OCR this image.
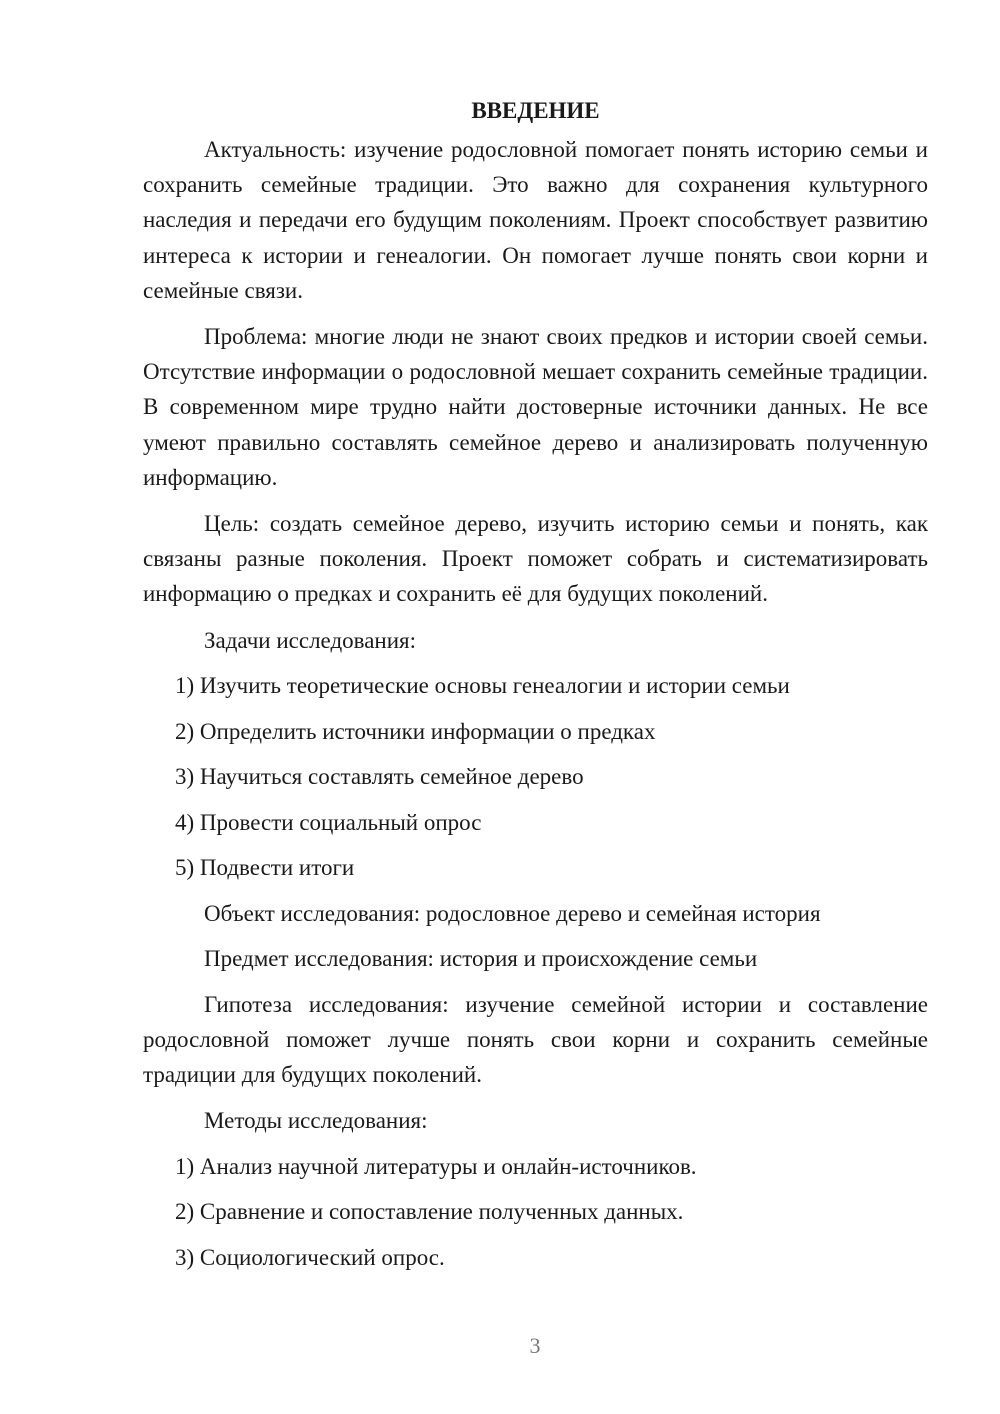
ВВЕДЕНИЕ

Актуальность: изучение родословной помогает понять историю семьи и сохранить семейные традиции. Это важно для сохранения культурного наследия и передачи его будущим поколениям. Проект способствует развитию интереса к истории и генеалогии. Он помогает лучше понять свои корни и семейные связи.

Проблема: многие люди не знают своих предков и истории своей семьи. Отсутствие информации о родословной мешает сохранить семейные традиции. В современном мире трудно найти достоверные источники данных. Не все умеют правильно составлять семейное дерево и анализировать полученную информацию.

Цель: создать семейное дерево, изучить историю семьи и понять, как связаны разные поколения. Проект поможет собрать и систематизировать информацию о предках и сохранить её для будущих поколений.

Задачи исследования:
1) Изучить теоретические основы генеалогии и истории семьи
2) Определить источники информации о предках
3) Научиться составлять семейное дерево
4) Провести социальный опрос
5) Подвести итоги
Объект исследования: родословное дерево и семейная история
Предмет исследования: история и происхождение семьи

Гипотеза исследования: изучение семейной истории и составление родословной поможет лучше понять свои корни и сохранить семейные традиции для будущих поколений.

Методы исследования:
1) Анализ научной литературы и онлайн-источников.
2) Сравнение и сопоставление полученных данных.
3) Социологический опрос.
3
